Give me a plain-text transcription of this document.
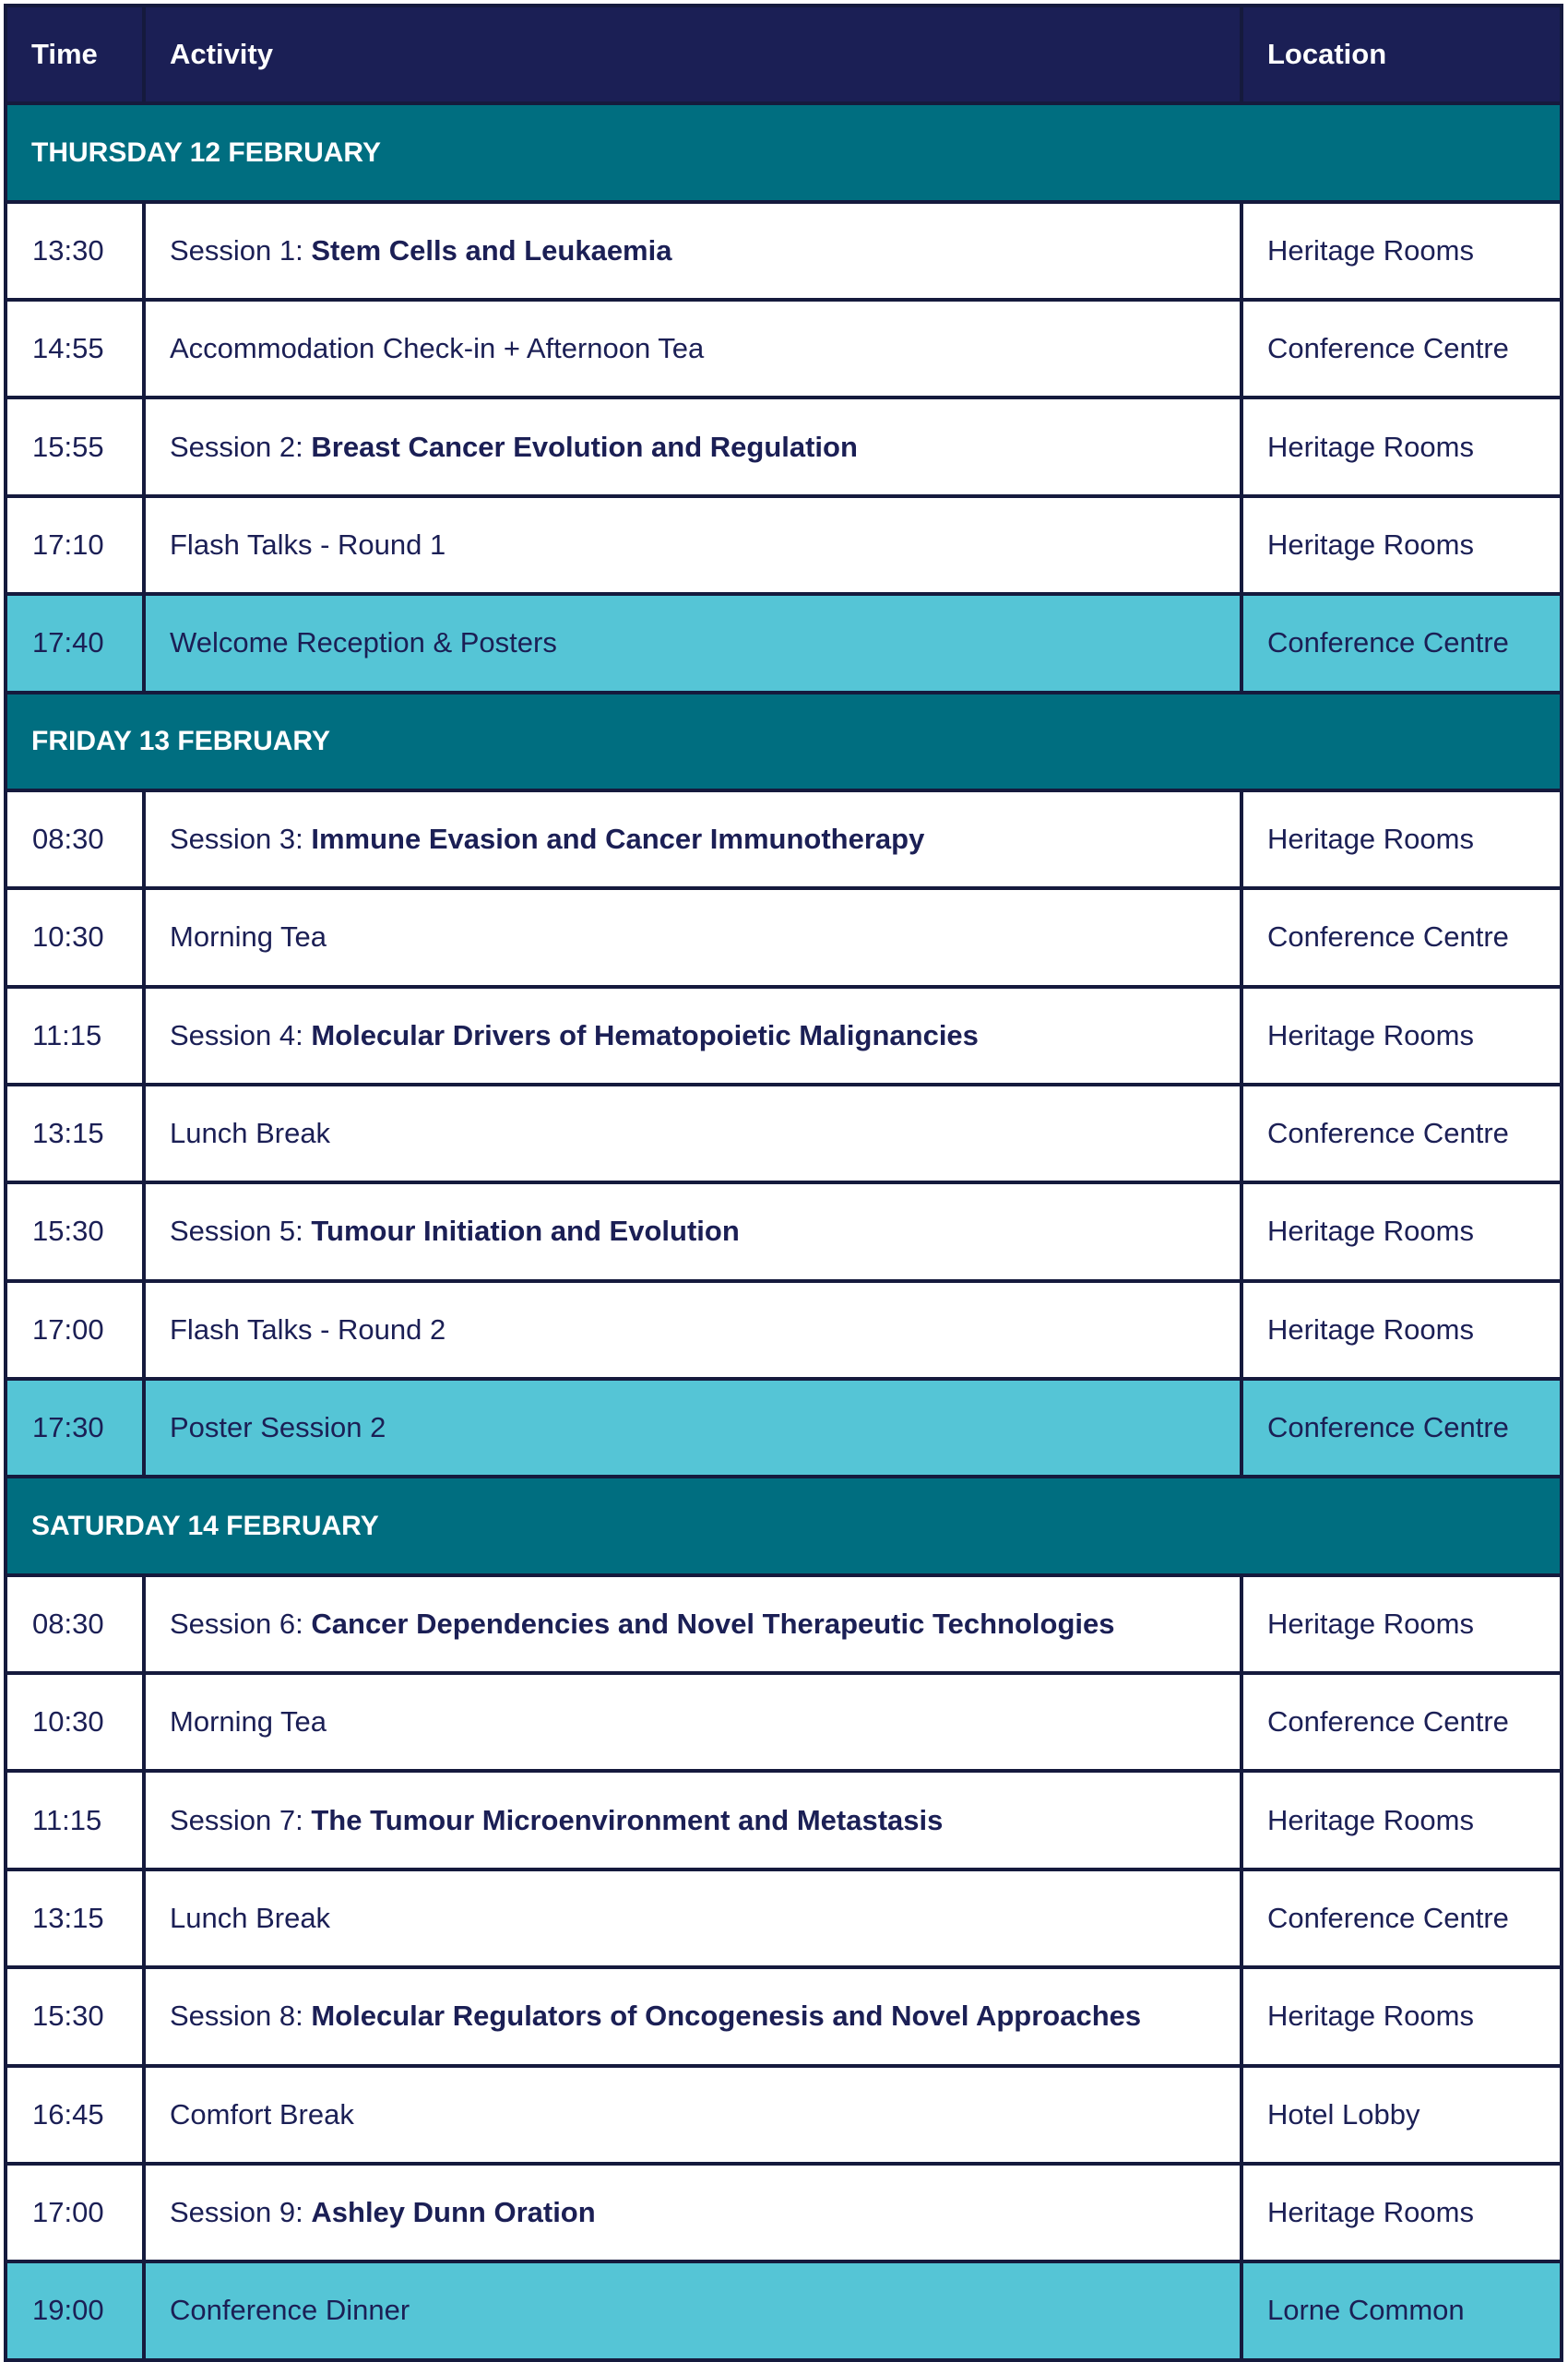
Time	Activity	Location
THURSDAY 12 FEBRUARY		
13:30	Session 1: Stem Cells and Leukaemia	Heritage Rooms
14:55	Accommodation Check-in + Afternoon Tea	Conference Centre
15:55	Session 2: Breast Cancer Evolution and Regulation	Heritage Rooms
17:10	Flash Talks - Round 1	Heritage Rooms
17:40	Welcome Reception & Posters	Conference Centre
FRIDAY 13 FEBRUARY		
08:30	Session 3: Immune Evasion and Cancer Immunotherapy	Heritage Rooms
10:30	Morning Tea	Conference Centre
11:15	Session 4: Molecular Drivers of Hematopoietic Malignancies	Heritage Rooms
13:15	Lunch Break	Conference Centre
15:30	Session 5: Tumour Initiation and Evolution	Heritage Rooms
17:00	Flash Talks - Round 2	Heritage Rooms
17:30	Poster Session 2	Conference Centre
SATURDAY 14 FEBRUARY		
08:30	Session 6: Cancer Dependencies and Novel Therapeutic Technologies	Heritage Rooms
10:30	Morning Tea	Conference Centre
11:15	Session 7: The Tumour Microenvironment and Metastasis	Heritage Rooms
13:15	Lunch Break	Conference Centre
15:30	Session 8: Molecular Regulators of Oncogenesis and Novel Approaches	Heritage Rooms
16:45	Comfort Break	Hotel Lobby
17:00	Session 9: Ashley Dunn Oration	Heritage Rooms
19:00	Conference Dinner	Lorne Common
